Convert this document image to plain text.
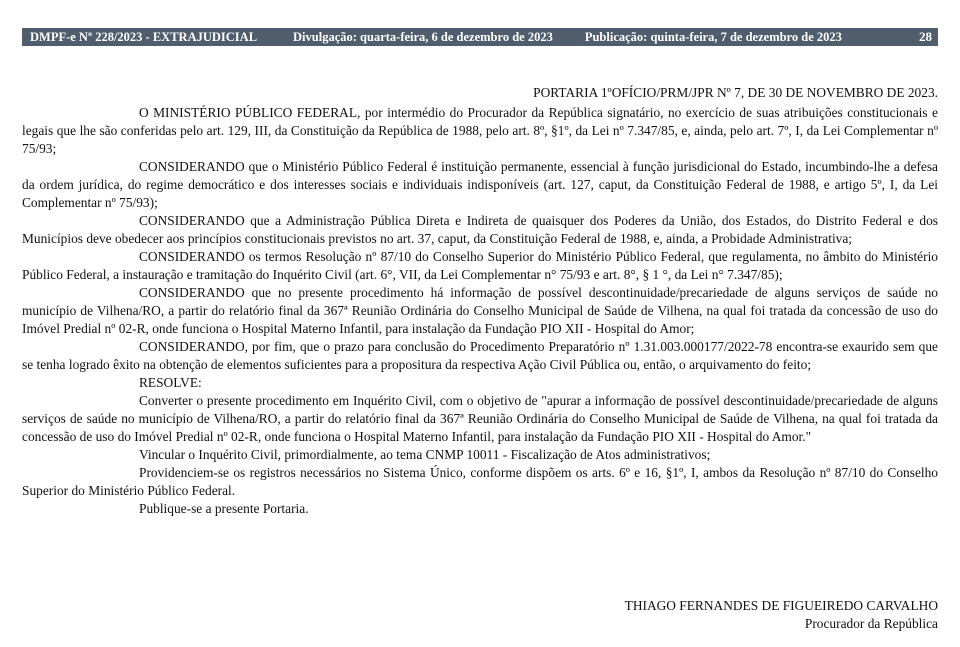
DMPF-e Nº 228/2023 - EXTRAJUDICIAL	Divulgação: quarta-feira, 6 de dezembro de 2023	Publicação: quinta-feira, 7 de dezembro de 2023	28

PORTARIA 1ºOFÍCIO/PRM/JPR Nº 7, DE 30 DE NOVEMBRO DE 2023.

O MINISTÉRIO PÚBLICO FEDERAL, por intermédio do Procurador da República signatário, no exercício de suas atribuições constitucionais e legais que lhe são conferidas pelo art. 129, III, da Constituição da República de 1988, pelo art. 8º, §1º, da Lei nº 7.347/85, e, ainda, pelo art. 7º, I, da Lei Complementar nº 75/93;

CONSIDERANDO que o Ministério Público Federal é instituição permanente, essencial à função jurisdicional do Estado, incumbindo-lhe a defesa da ordem jurídica, do regime democrático e dos interesses sociais e individuais indisponíveis (art. 127, caput, da Constituição Federal de 1988, e artigo 5º, I, da Lei Complementar nº 75/93);

CONSIDERANDO que a Administração Pública Direta e Indireta de quaisquer dos Poderes da União, dos Estados, do Distrito Federal e dos Municípios deve obedecer aos princípios constitucionais previstos no art. 37, caput, da Constituição Federal de 1988, e, ainda, a Probidade Administrativa;

CONSIDERANDO os termos Resolução nº 87/10 do Conselho Superior do Ministério Público Federal, que regulamenta, no âmbito do Ministério Público Federal, a instauração e tramitação do Inquérito Civil (art. 6°, VII, da Lei Complementar n° 75/93 e art. 8°, § 1 °, da Lei n° 7.347/85);

CONSIDERANDO que no presente procedimento há informação de possível descontinuidade/precariedade de alguns serviços de saúde no município de Vilhena/RO, a partir do relatório final da 367ª Reunião Ordinária do Conselho Municipal de Saúde de Vilhena, na qual foi tratada da concessão de uso do Imóvel Predial nº 02-R, onde funciona o Hospital Materno Infantil, para instalação da Fundação PIO XII - Hospital do Amor;

CONSIDERANDO, por fim, que o prazo para conclusão do Procedimento Preparatório nº 1.31.003.000177/2022-78 encontra-se exaurido sem que se tenha logrado êxito na obtenção de elementos suficientes para a propositura da respectiva Ação Civil Pública ou, então, o arquivamento do feito;

RESOLVE:

Converter o presente procedimento em Inquérito Civil, com o objetivo de "apurar a informação de possível descontinuidade/precariedade de alguns serviços de saúde no município de Vilhena/RO, a partir do relatório final da 367ª Reunião Ordinária do Conselho Municipal de Saúde de Vilhena, na qual foi tratada da concessão de uso do Imóvel Predial nº 02-R, onde funciona o Hospital Materno Infantil, para instalação da Fundação PIO XII - Hospital do Amor."

Vincular o Inquérito Civil, primordialmente, ao tema CNMP 10011 - Fiscalização de Atos administrativos;

Providenciem-se os registros necessários no Sistema Único, conforme dispõem os arts. 6º e 16, §1º, I, ambos da Resolução nº 87/10 do Conselho Superior do Ministério Público Federal.

Publique-se a presente Portaria.

THIAGO FERNANDES DE FIGUEIREDO CARVALHO
Procurador da República
